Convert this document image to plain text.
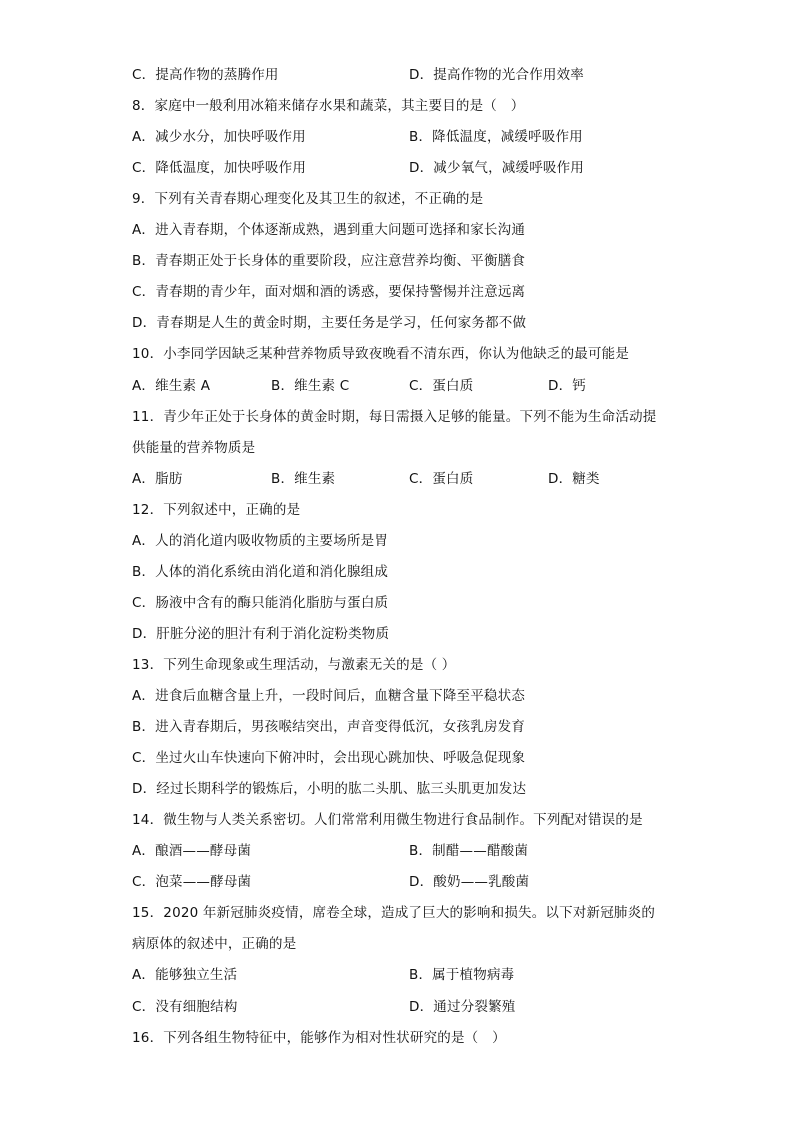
C．提高作物的蒸腾作用	D．提高作物的光合作用效率
8．家庭中一般利用冰箱来储存水果和蔬菜，其主要目的是（　）
A．减少水分，加快呼吸作用	B．降低温度，减缓呼吸作用
C．降低温度，加快呼吸作用	D．减少氧气，减缓呼吸作用
9．下列有关青春期心理变化及其卫生的叙述，不正确的是
A．进入青春期，个体逐渐成熟，遇到重大问题可选择和家长沟通
B．青春期正处于长身体的重要阶段，应注意营养均衡、平衡膳食
C．青春期的青少年，面对烟和酒的诱惑，要保持警惕并注意远离
D．青春期是人生的黄金时期，主要任务是学习，任何家务都不做
10．小李同学因缺乏某种营养物质导致夜晚看不清东西，你认为他缺乏的最可能是
A．维生素 A	B．维生素 C	C．蛋白质	D．钙
11．青少年正处于长身体的黄金时期，每日需摄入足够的能量。下列不能为生命活动提
供能量的营养物质是
A．脂肪	B．维生素	C．蛋白质	D．糖类
12．下列叙述中，正确的是
A．人的消化道内吸收物质的主要场所是胃
B．人体的消化系统由消化道和消化腺组成
C．肠液中含有的酶只能消化脂肪与蛋白质
D．肝脏分泌的胆汁有利于消化淀粉类物质
13．下列生命现象或生理活动，与激素无关的是（ ）
A．进食后血糖含量上升，一段时间后，血糖含量下降至平稳状态
B．进入青春期后，男孩喉结突出，声音变得低沉，女孩乳房发育
C．坐过火山车快速向下俯冲时，会出现心跳加快、呼吸急促现象
D．经过长期科学的锻炼后，小明的肱二头肌、肱三头肌更加发达
14．微生物与人类关系密切。人们常常利用微生物进行食品制作。下列配对错误的是
A．酿酒——酵母菌	B．制醋——醋酸菌
C．泡菜——酵母菌	D．酸奶——乳酸菌
15．2020 年新冠肺炎疫情，席卷全球，造成了巨大的影响和损失。以下对新冠肺炎的
病原体的叙述中，正确的是
A．能够独立生活	B．属于植物病毒
C．没有细胞结构	D．通过分裂繁殖
16．下列各组生物特征中，能够作为相对性状研究的是（　）
